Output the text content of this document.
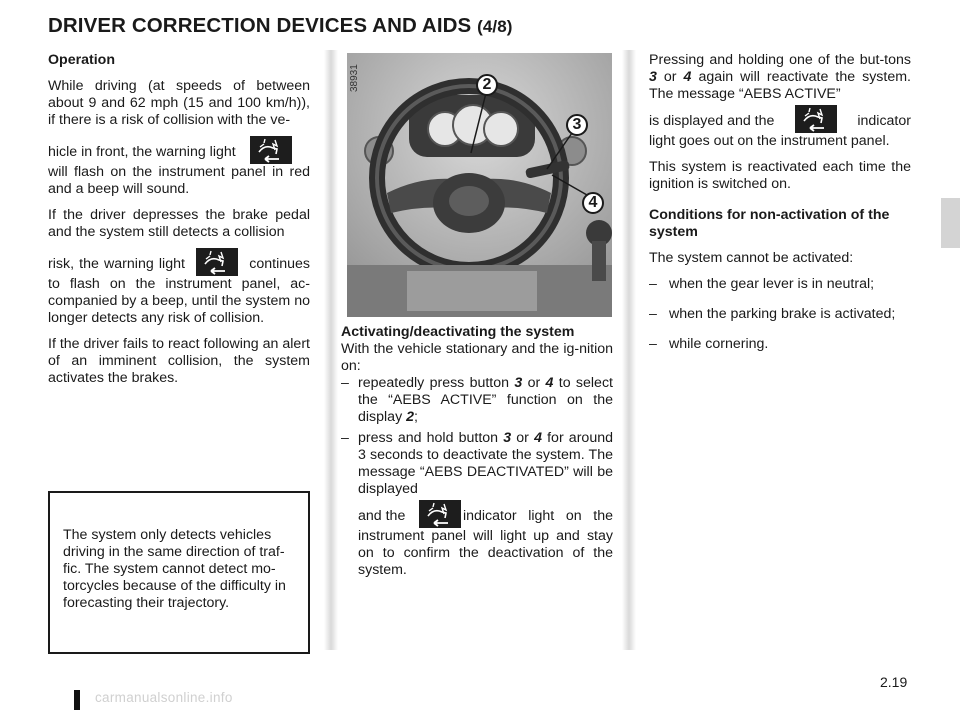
DRIVER CORRECTION DEVICES AND AIDS (4/8)

Operation

While driving (at speeds of between about 9 and 62 mph (15 and 100 km/h)), if there is a risk of collision with the ve-

hicle in front, the warning light

will flash on the instrument panel in red and a beep will sound.

If the driver depresses the brake pedal and the system still detects a collision

risk, the warning light	continues to flash on the instrument panel, ac-companied by a beep, until the system no longer detects any risk of collision.

If the driver fails to react following an alert of an imminent collision, the system activates the brakes.

The system only detects vehicles driving in the same direction of traf-fic. The system cannot detect mo-torcycles because of the difficulty in forecasting their trajectory.
38931	2
3
4
Activating/deactivating the system
With the vehicle stationary and the ig-nition on:
– repeatedly press button 3 or 4 to select the “AEBS ACTIVE” function on the display 2;
– press and hold button 3 or 4 for around 3 seconds to deactivate the system. The message “AEBS DEACTIVATED” will be displayed
and the	indicator light on the instrument panel will light up and stay on to confirm the deactivation of the system.

Pressing and holding one of the but-tons 3 or 4 again will reactivate the system. The message “AEBS ACTIVE”
is displayed and the	indicator light goes out on the instrument panel.

This system is reactivated each time the ignition is switched on.

Conditions for non-activation of the system

The system cannot be activated:

– when the gear lever is in neutral;
– when the parking brake is activated;
– while cornering.
2.19
carmanualsonline.info
